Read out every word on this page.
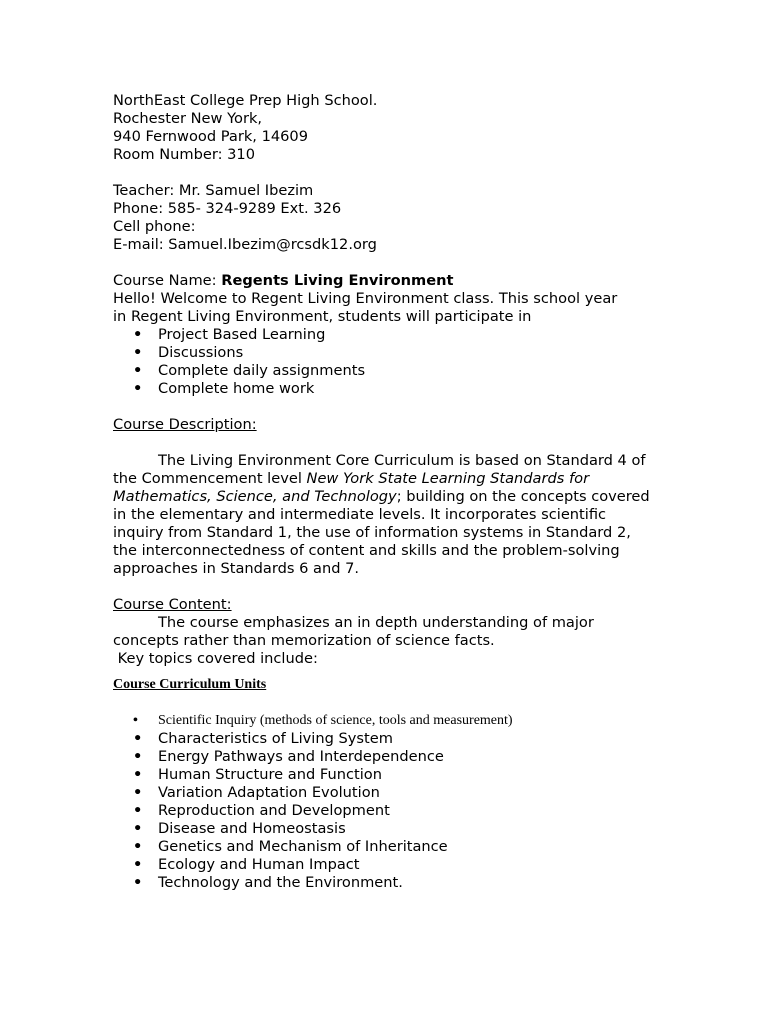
NorthEast College Prep High School.
Rochester New York,
940 Fernwood Park, 14609
Room Number: 310
Teacher: Mr. Samuel Ibezim
Phone: 585- 324-9289 Ext. 326
Cell phone:
E-mail: Samuel.Ibezim@rcsdk12.org
Course Name: Regents Living Environment
Hello! Welcome to Regent Living Environment class. This school year
in Regent Living Environment, students will participate in
• Project Based Learning
• Discussions
• Complete daily assignments
• Complete home work
Course Description:

The Living Environment Core Curriculum is based on Standard 4 of the Commencement level New York State Learning Standards for Mathematics, Science, and Technology; building on the concepts covered in the elementary and intermediate levels. It incorporates scientific inquiry from Standard 1, the use of information systems in Standard 2, the interconnectedness of content and skills and the problem-solving approaches in Standards 6 and 7.

Course Content:
The course emphasizes an in depth understanding of major
concepts rather than memorization of science facts.
Key topics covered include:
Course Curriculum Units
• Scientific Inquiry (methods of science, tools and measurement)
• Characteristics of Living System
• Energy Pathways and Interdependence
• Human Structure and Function
• Variation Adaptation Evolution
• Reproduction and Development
• Disease and Homeostasis
• Genetics and Mechanism of Inheritance
• Ecology and Human Impact
• Technology and the Environment.
